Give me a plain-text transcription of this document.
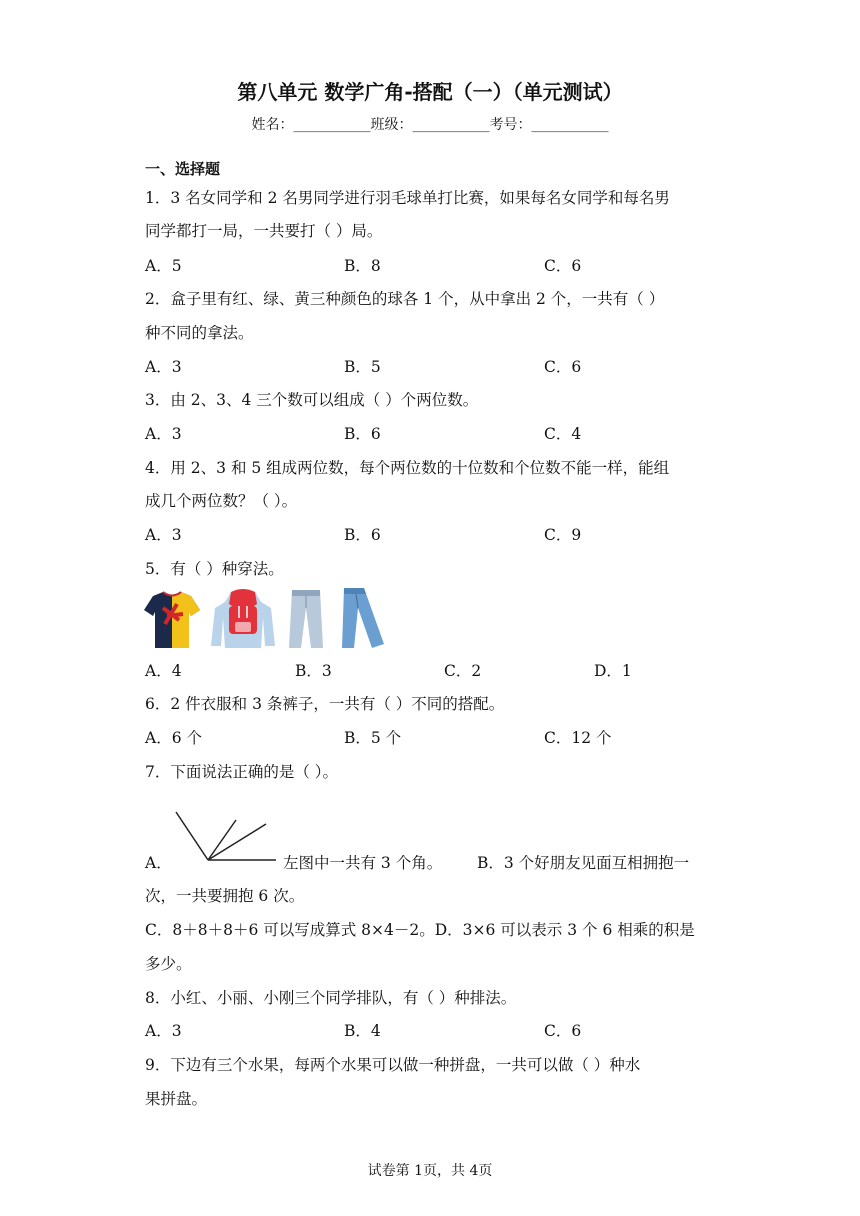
第八单元 数学广角-搭配（一）（单元测试）
姓名：___________班级：___________考号：___________
一、选择题
1．3 名女同学和 2 名男同学进行羽毛球单打比赛，如果每名女同学和每名男
同学都打一局，一共要打（ ）局。
A．5	B．8	C．6
2．盒子里有红、绿、黄三种颜色的球各 1 个，从中拿出 2 个，一共有（ ）
种不同的拿法。
A．3	B．5	C．6
3．由 2、3、4 三个数可以组成（ ）个两位数。
A．3	B．6	C．4
4．用 2、3 和 5 组成两位数，每个两位数的十位数和个位数不能一样，能组
成几个两位数？（ ）。
A．3	B．6	C．9
5．有（ ）种穿法。
A．4	B．3	C．2	D．1
6．2 件衣服和 3 条裤子，一共有（ ）不同的搭配。
A．6 个	B．5 个	C．12 个
7．下面说法正确的是（ ）。
A．	左图中一共有 3 个角。 B．3 个好朋友见面互相拥抱一
次，一共要拥抱 6 次。
C．8＋8＋8＋6 可以写成算式 8×4－2。D．3×6 可以表示 3 个 6 相乘的积是
多少。
8．小红、小丽、小刚三个同学排队，有（ ）种排法。
A．3	B．4	C．6
9．下边有三个水果，每两个水果可以做一种拼盘，一共可以做（ ）种水
果拼盘。
试卷第 1页，共 4页
